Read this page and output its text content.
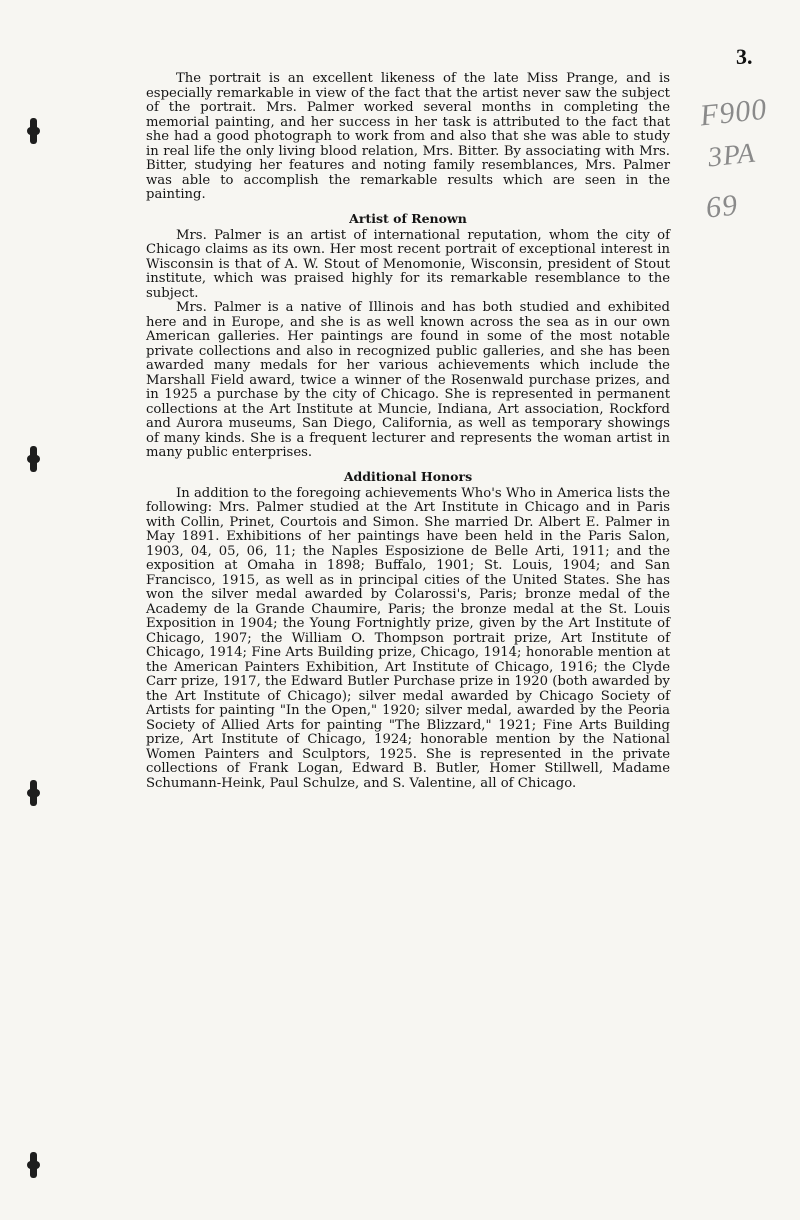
3.
F900
3PA
69

The portrait is an excellent likeness of the late Miss Prange, and is especially remarkable in view of the fact that the artist never saw the subject of the portrait. Mrs. Palmer worked several months in completing the memorial painting, and her success in her task is attributed to the fact that she had a good photograph to work from and also that she was able to study in real life the only living blood relation, Mrs. Bitter. By associating with Mrs. Bitter, studying her features and noting family resemblances, Mrs. Palmer was able to accomplish the remarkable results which are seen in the painting.

Artist of Renown

Mrs. Palmer is an artist of international reputation, whom the city of Chicago claims as its own. Her most recent portrait of exceptional interest in Wisconsin is that of A. W. Stout of Menomonie, Wisconsin, president of Stout institute, which was praised highly for its remarkable resemblance to the subject.

Mrs. Palmer is a native of Illinois and has both studied and exhibited here and in Europe, and she is as well known across the sea as in our own American galleries. Her paintings are found in some of the most notable private collections and also in recognized public galleries, and she has been awarded many medals for her various achievements which include the Marshall Field award, twice a winner of the Rosenwald purchase prizes, and in 1925 a purchase by the city of Chicago. She is represented in permanent collections at the Art Institute at Muncie, Indiana, Art association, Rockford and Aurora museums, San Diego, California, as well as temporary showings of many kinds. She is a frequent lecturer and represents the woman artist in many public enterprises.

Additional Honors

In addition to the foregoing achievements Who's Who in America lists the following: Mrs. Palmer studied at the Art Institute in Chicago and in Paris with Collin, Prinet, Courtois and Simon. She married Dr. Albert E. Palmer in May 1891. Exhibitions of her paintings have been held in the Paris Salon, 1903, 04, 05, 06, 11; the Naples Esposizione de Belle Arti, 1911; and the exposition at Omaha in 1898; Buffalo, 1901; St. Louis, 1904; and San Francisco, 1915, as well as in principal cities of the United States. She has won the silver medal awarded by Colarossi's, Paris; bronze medal of the Academy de la Grande Chaumire, Paris; the bronze medal at the St. Louis Exposition in 1904; the Young Fortnightly prize, given by the Art Institute of Chicago, 1907; the William O. Thompson portrait prize, Art Institute of Chicago, 1914; Fine Arts Building prize, Chicago, 1914; honorable mention at the American Painters Exhibition, Art Institute of Chicago, 1916; the Clyde Carr prize, 1917, the Edward Butler Purchase prize in 1920 (both awarded by the Art Institute of Chicago); silver medal awarded by Chicago Society of Artists for painting "In the Open," 1920; silver medal, awarded by the Peoria Society of Allied Arts for painting "The Blizzard," 1921; Fine Arts Building prize, Art Institute of Chicago, 1924; honorable mention by the National Women Painters and Sculptors, 1925. She is represented in the private collections of Frank Logan, Edward B. Butler, Homer Stillwell, Madame Schumann-Heink, Paul Schulze, and S. Valentine, all of Chicago.
